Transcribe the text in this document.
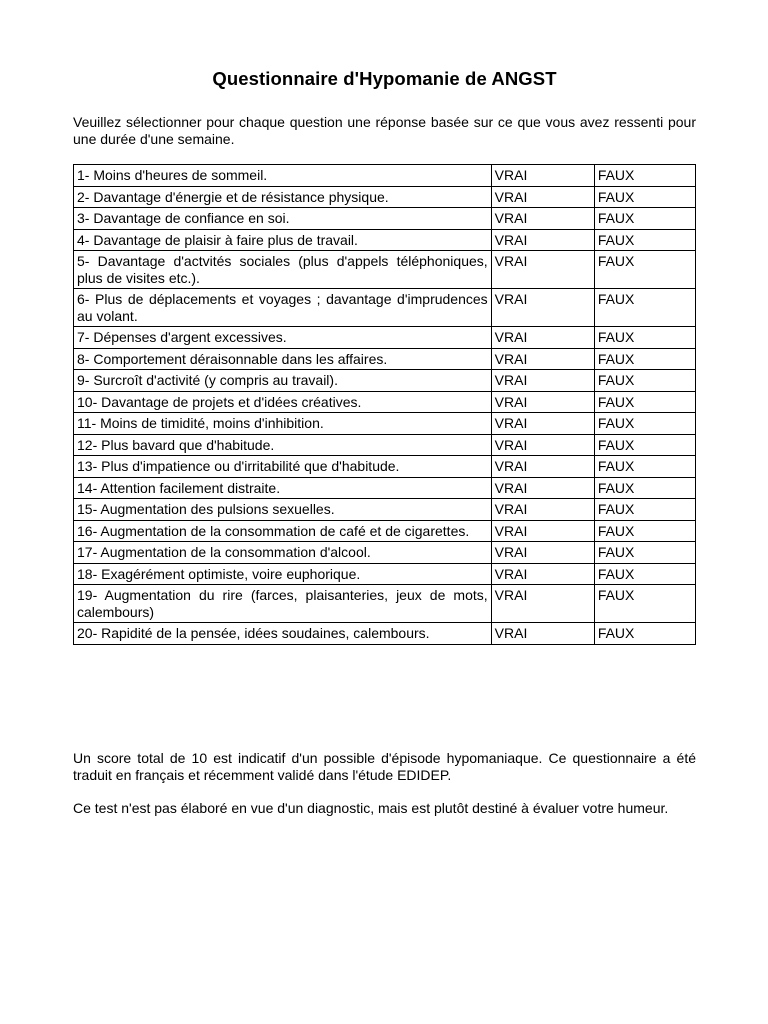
Questionnaire d'Hypomanie de ANGST

Veuillez sélectionner pour chaque question une réponse basée sur ce que vous avez ressenti pour une durée d'une semaine.

1- Moins d'heures de sommeil.	VRAI	FAUX
2- Davantage d'énergie et de résistance physique.	VRAI	FAUX
3- Davantage de confiance en soi.	VRAI	FAUX
4- Davantage de plaisir à faire plus de travail.	VRAI	FAUX
5- Davantage d'actvités sociales (plus d'appels téléphoniques, plus de visites etc.).	VRAI	FAUX
6- Plus de déplacements et voyages ; davantage d'imprudences au volant.	VRAI	FAUX
7- Dépenses d'argent excessives.	VRAI	FAUX
8- Comportement déraisonnable dans les affaires.	VRAI	FAUX
9- Surcroît d'activité (y compris au travail).	VRAI	FAUX
10- Davantage de projets et d'idées créatives.	VRAI	FAUX
11- Moins de timidité, moins d'inhibition.	VRAI	FAUX
12- Plus bavard que d'habitude.	VRAI	FAUX
13- Plus d'impatience ou d'irritabilité que d'habitude.	VRAI	FAUX
14- Attention facilement distraite.	VRAI	FAUX
15- Augmentation des pulsions sexuelles.	VRAI	FAUX
16- Augmentation de la consommation de café et de cigarettes.	VRAI	FAUX
17- Augmentation de la consommation d'alcool.	VRAI	FAUX
18- Exagérément optimiste, voire euphorique.	VRAI	FAUX
19- Augmentation du rire (farces, plaisanteries, jeux de mots, calembours)	VRAI	FAUX
20- Rapidité de la pensée, idées soudaines, calembours.	VRAI	FAUX

Un score total de 10 est indicatif d'un possible d'épisode hypomaniaque. Ce questionnaire a été traduit en français et récemment validé dans l'étude EDIDEP.

Ce test n'est pas élaboré en vue d'un diagnostic, mais est plutôt destiné à évaluer votre humeur.
